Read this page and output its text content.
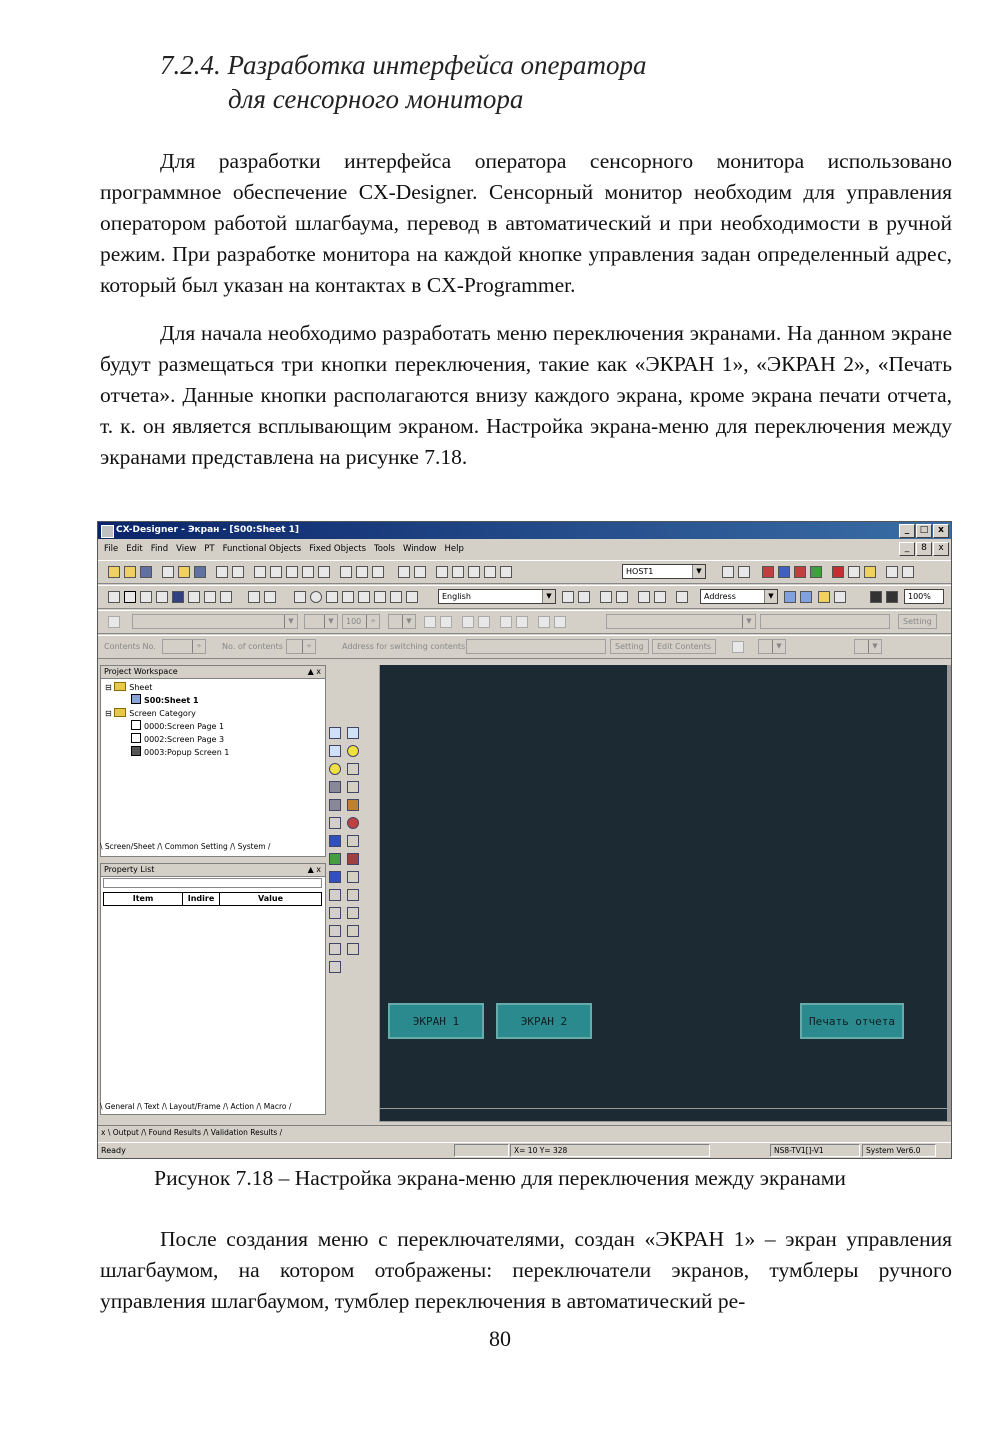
7.2.4. Разработка интерфейса оператора
для сенсорного монитора
Для разработки интерфейса оператора сенсорного монитора использовано программное обеспечение CX-Designer. Сенсорный монитор необходим для управления оператором работой шлагбаума, перевод в автоматический и при необходимости в ручной режим. При разработке монитора на каждой кнопке управления задан определенный адрес, который был указан на контактах в CX-Programmer.
Для начала необходимо разработать меню переключения экранами. На данном экране будут размещаться три кнопки переключения, такие как «ЭКРАН 1», «ЭКРАН 2», «Печать отчета». Данные кнопки располагаются внизу каждого экрана, кроме экрана печати отчета, т. к. он является всплывающим экраном. Настройка экрана-меню для переключения между экранами представлена на рисунке 7.18.
CX-Designer - Экран - [S00:Sheet 1]	_	□	x
File Edit Find View PT Functional Objects Fixed Objects Tools Window Help	_	8	x
HOST1	▼
English	▼	Address	▼	100%
▼	▼	100	÷	▼	▼	Setting
Contents No.	÷	No. of contents	÷	Address for switching contents	Setting	Edit Contents	▼	▼
Project Workspace	▲ x
⊟ Sheet
S00:Sheet 1
⊟ Screen Category
0000:Screen Page 1
0002:Screen Page 3
0003:Popup Screen 1
\ Screen/Sheet /\ Common Setting /\ System /
Property List	▲ x
Item	Indire	Value
\ General /\ Text /\ Layout/Frame /\ Action /\ Macro /
ЭКРАН 1	ЭКРАН 2	Печать отчета
x \ Output /\ Found Results /\ Validation Results /
Ready	X= 10 Y= 328	NS8-TV1[]-V1	System Ver6.0
Рисунок 7.18 – Настройка экрана-меню для переключения между экранами
После создания меню с переключателями, создан «ЭКРАН 1» – экран управления шлагбаумом, на котором отображены: переключатели экранов, тумблеры ручного управления шлагбаумом, тумблер переключения в автоматический ре-
80
